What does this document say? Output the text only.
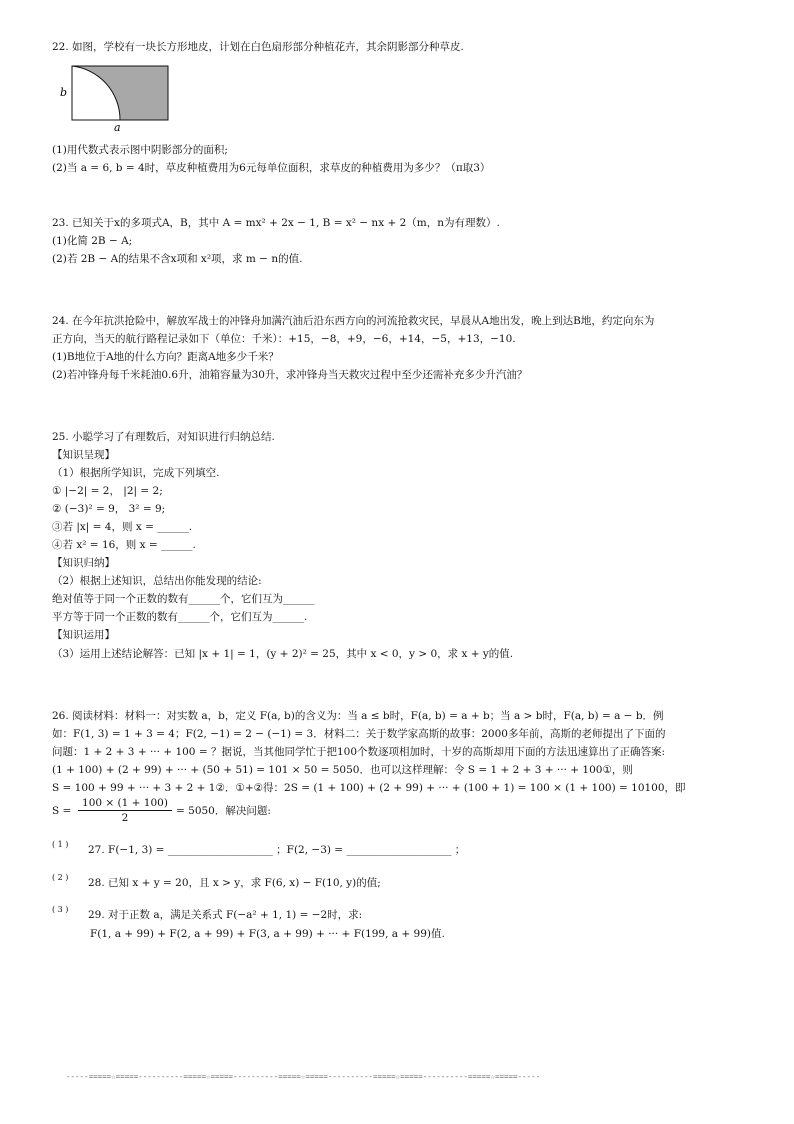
22. 如图，学校有一块长方形地皮，计划在白色扇形部分种植花卉，其余阴影部分种草皮.
b
a
(1)用代数式表示图中阴影部分的面积;
(2)当 a = 6, b = 4时，草皮种植费用为6元每单位面积，求草皮的种植费用为多少？（π取3）
23. 已知关于x的多项式A，B，其中 A = mx² + 2x − 1, B = x² − nx + 2（m，n为有理数）.
(1)化简 2B − A;
(2)若 2B − A的结果不含x项和 x²项，求 m − n的值.
24. 在今年抗洪抢险中，解放军战士的冲锋舟加满汽油后沿东西方向的河流抢救灾民，早晨从A地出发，晚上到达B地，约定向东为
正方向，当天的航行路程记录如下（单位：千米）：+15，−8，+9，−6，+14，−5，+13，−10.
(1)B地位于A地的什么方向？距离A地多少千米？
(2)若冲锋舟每千米耗油0.6升，油箱容量为30升，求冲锋舟当天救灾过程中至少还需补充多少升汽油？
25. 小聪学习了有理数后，对知识进行归纳总结.
【知识呈现】
（1）根据所学知识，完成下列填空.
① |−2| = 2， |2| = 2;
② (−3)² = 9， 3² = 9;
③若 |x| = 4，则 x = ______.
④若 x² = 16，则 x = ______.
【知识归纳】
（2）根据上述知识，总结出你能发现的结论:
绝对值等于同一个正数的数有______个，它们互为______
平方等于同一个正数的数有______个，它们互为______.
【知识运用】
（3）运用上述结论解答：已知 |x + 1| = 1，(y + 2)² = 25，其中 x < 0，y > 0，求 x + y的值.
26. 阅读材料：材料一：对实数 a，b，定义 F(a, b)的含义为：当 a ≤ b时，F(a, b) = a + b；当 a > b时，F(a, b) = a − b．例
如：F(1, 3) = 1 + 3 = 4；F(2, −1) = 2 − (−1) = 3．材料二：关于数学家高斯的故事：2000多年前，高斯的老师提出了下面的
问题：1 + 2 + 3 + ··· + 100 = ？据说，当其他同学忙于把100个数逐项相加时，十岁的高斯却用下面的方法迅速算出了正确答案:
(1 + 100) + (2 + 99) + ··· + (50 + 51) = 101 × 50 = 5050．也可以这样理解：令 S = 1 + 2 + 3 + ··· + 100①，则
S = 100 + 99 + ··· + 3 + 2 + 1②．①+②得：2S = (1 + 100) + (2 + 99) + ··· + (100 + 1) = 100 × (1 + 100) = 10100，即
$S = \frac{100 \times (1 + 100)}{2} = 5050$．解决问题:
( 1 ) 27. F(−1, 3) = ____________________ ；F(2, −3) = ____________________ ；
( 2 ) 28. 已知 x + y = 20，且 x > y，求 F(6, x) − F(10, y)的值;
( 3 ) 29. 对于正数 a，满足关系式 F(−a² + 1, 1) = −2时，求:
F(1, a + 99) + F(2, a + 99) + F(3, a + 99) + ··· + F(199, a + 99)值.
-----=====☆=====----------=====☆=====----------=====☆=====----------=====☆=====----------=====☆=====-----
